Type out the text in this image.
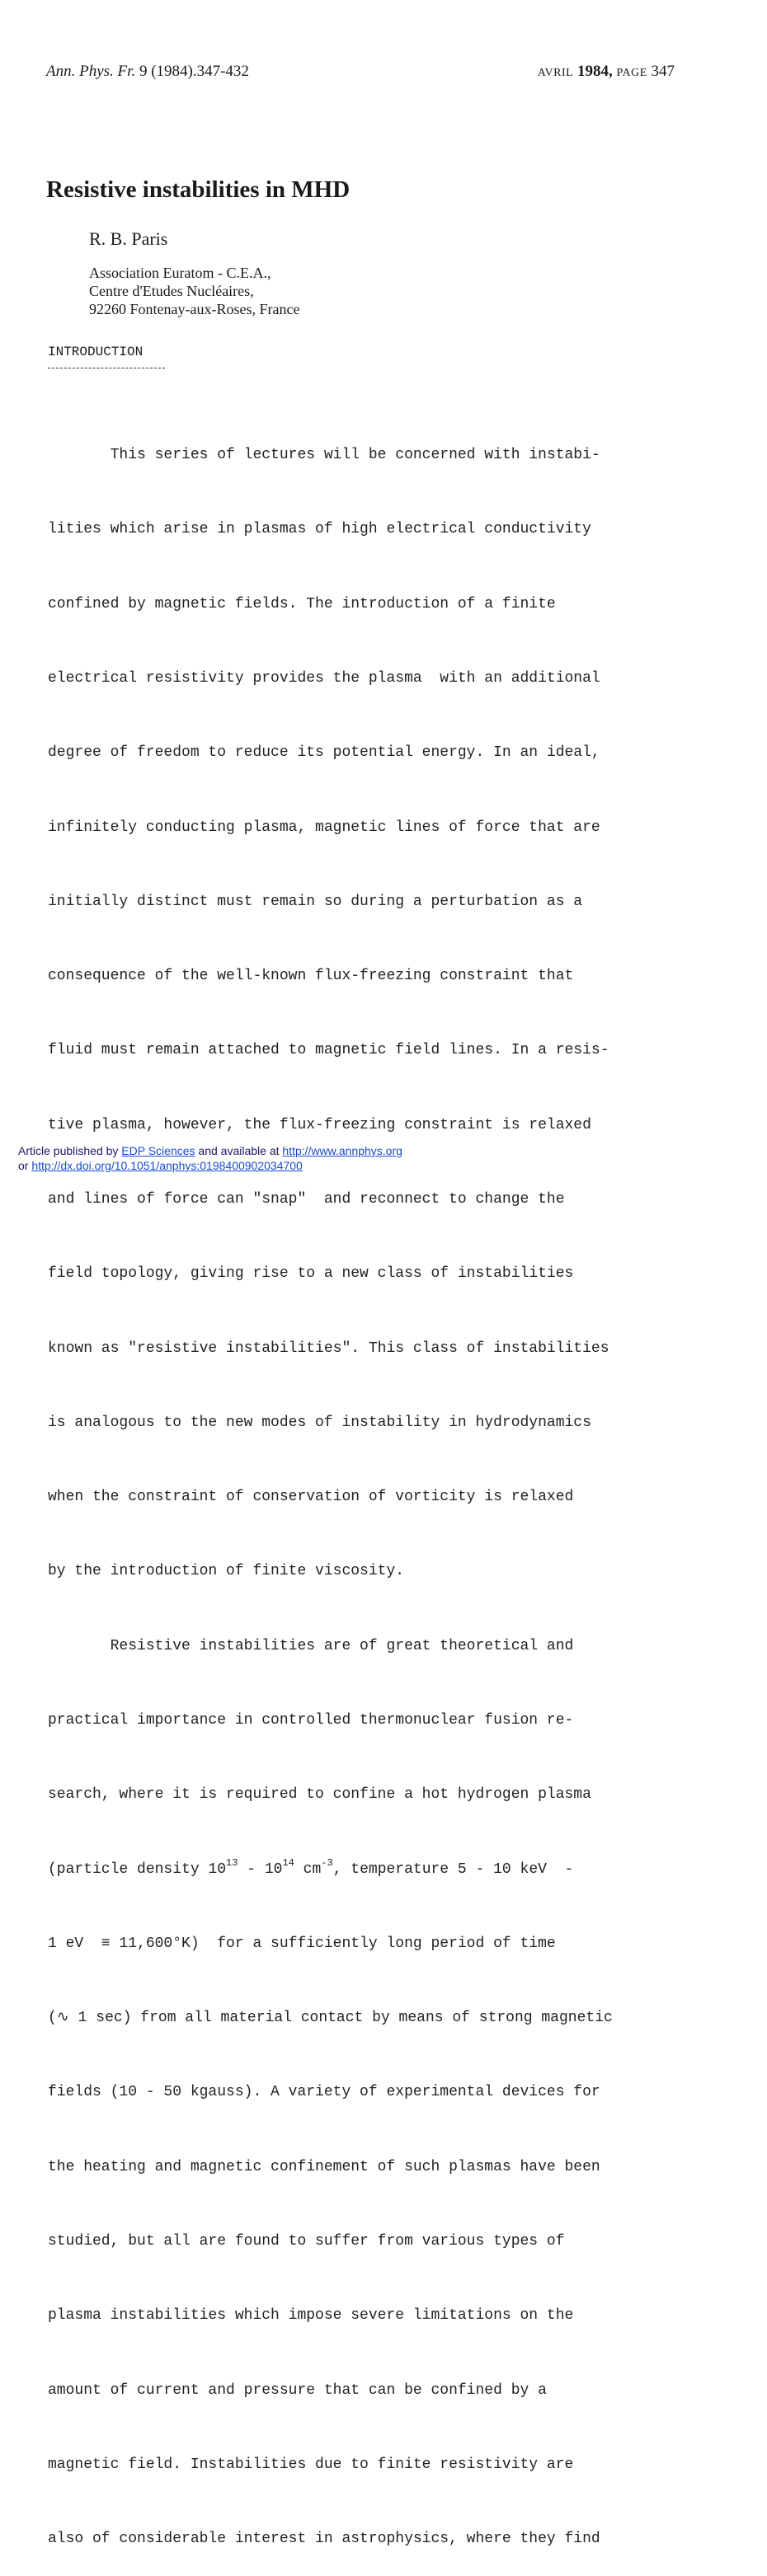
Ann. Phys. Fr. 9 (1984).347-432	AVRIL 1984, PAGE 347
Resistive instabilities in MHD
R. B. Paris
Association Euratom - C.E.A.,
Centre d'Etudes Nucléaires,
92260 Fontenay-aux-Roses, France
INTRODUCTION

This series of lectures will be concerned with instabi-

lities which arise in plasmas of high electrical conductivity

confined by magnetic fields. The introduction of a finite

electrical resistivity provides the plasma  with an additional

degree of freedom to reduce its potential energy. In an ideal,

infinitely conducting plasma, magnetic lines of force that are

initially distinct must remain so during a perturbation as a

consequence of the well-known flux-freezing constraint that

fluid must remain attached to magnetic field lines. In a resis-

tive plasma, however, the flux-freezing constraint is relaxed

and lines of force can "snap"  and reconnect to change the

field topology, giving rise to a new class of instabilities

known as "resistive instabilities". This class of instabilities

is analogous to the new modes of instability in hydrodynamics

when the constraint of conservation of vorticity is relaxed

by the introduction of finite viscosity.

Resistive instabilities are of great theoretical and

practical importance in controlled thermonuclear fusion re-

search, where it is required to confine a hot hydrogen plasma

(particle density $10^{13} - 10^{14}$ $cm^{-3}$, temperature 5 - 10 keV  -

1 eV  ≡ 11,600°K)  for a sufficiently long period of time

(∿ 1 sec) from all material contact by means of strong magnetic

fields (10 - 50 kgauss). A variety of experimental devices for

the heating and magnetic confinement of such plasmas have been

studied, but all are found to suffer from various types of

plasma instabilities which impose severe limitations on the

amount of current and pressure that can be confined by a

magnetic field. Instabilities due to finite resistivity are

also of considerable interest in astrophysics, where they find

Article published by EDP Sciences and available at http://www.annphys.org
or http://dx.doi.org/10.1051/anphys:0198400902034700
